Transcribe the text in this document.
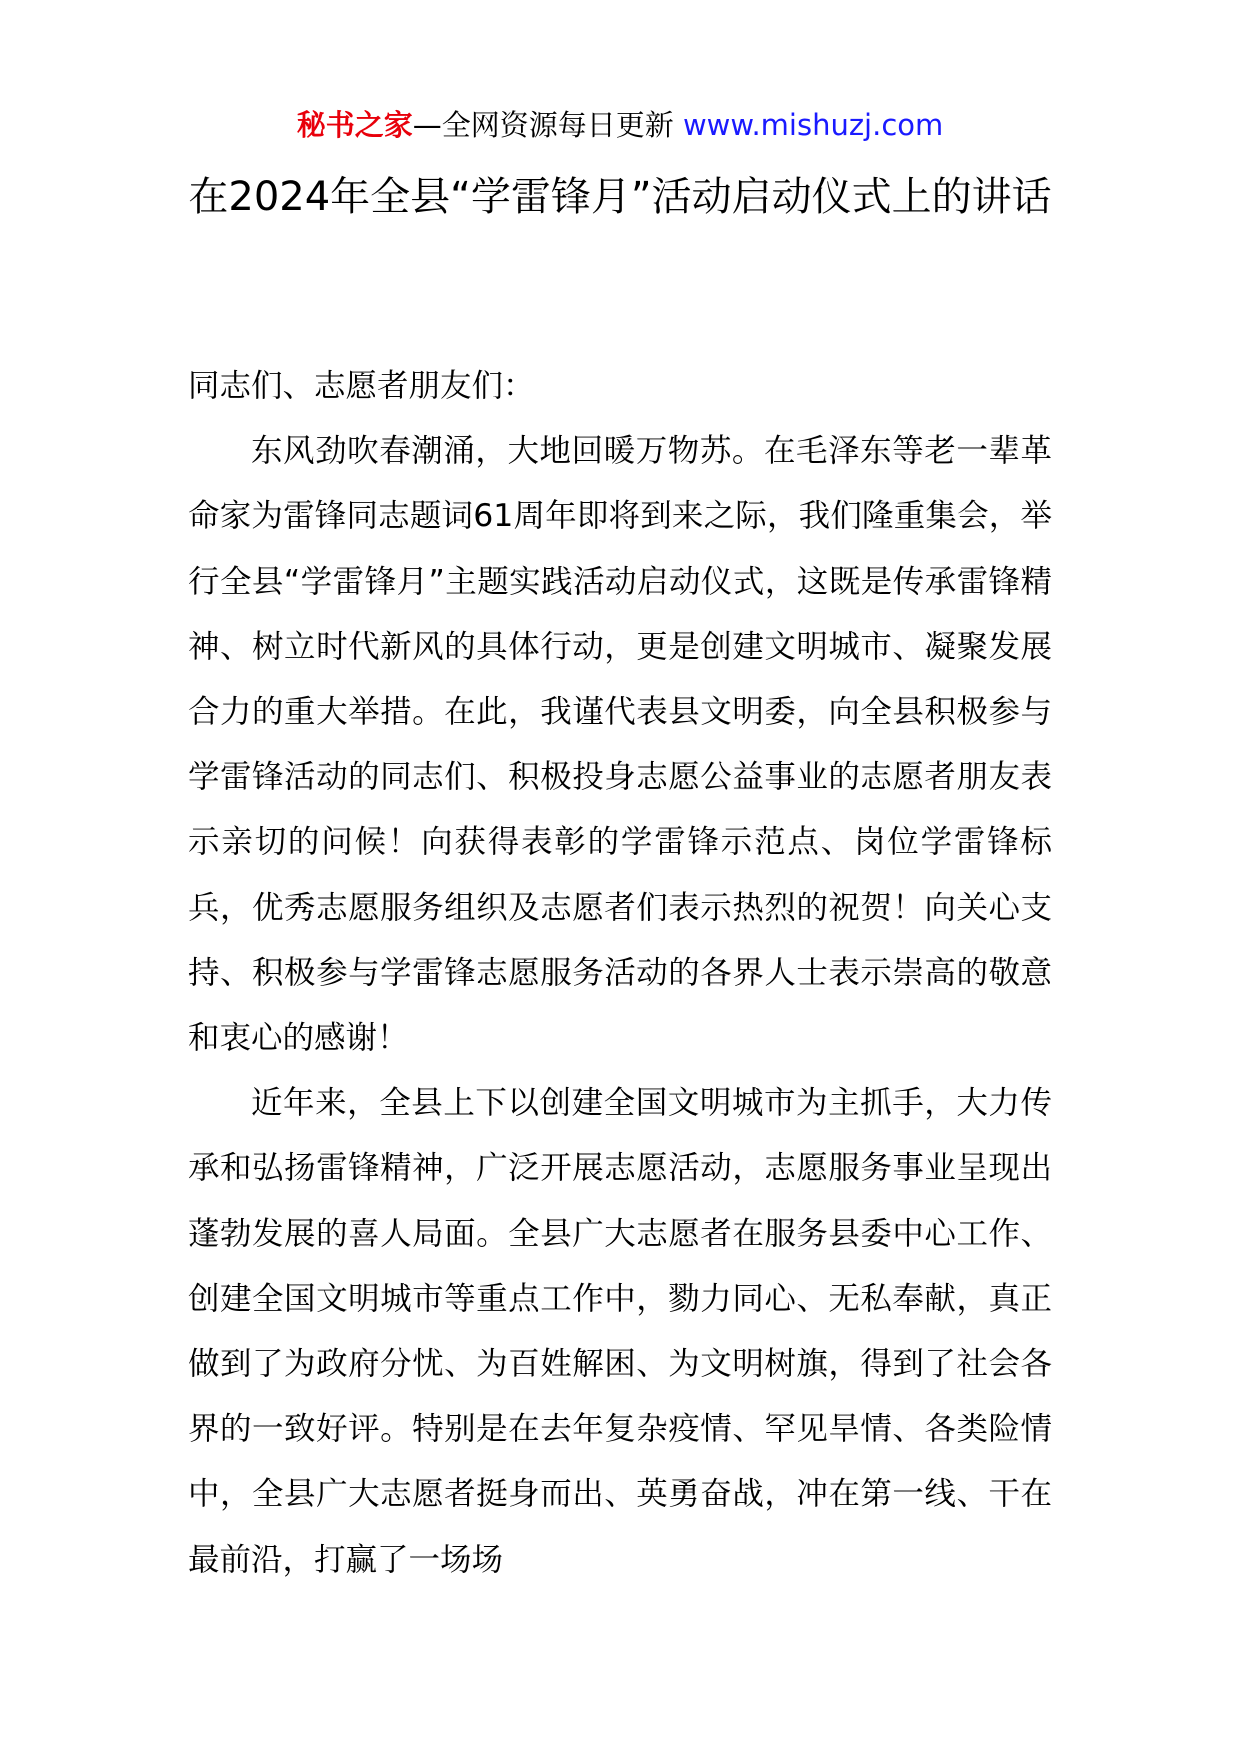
秘书之家—全网资源每日更新 www.mishuzj.com
在2024年全县“学雷锋月”活动启动仪式上的讲话

同志们、志愿者朋友们：

东风劲吹春潮涌，大地回暖万物苏。在毛泽东等老一辈革命家为雷锋同志题词61周年即将到来之际，我们隆重集会，举行全县“学雷锋月”主题实践活动启动仪式，这既是传承雷锋精神、树立时代新风的具体行动，更是创建文明城市、凝聚发展合力的重大举措。在此，我谨代表县文明委，向全县积极参与学雷锋活动的同志们、积极投身志愿公益事业的志愿者朋友表示亲切的问候！向获得表彰的学雷锋示范点、岗位学雷锋标兵，优秀志愿服务组织及志愿者们表示热烈的祝贺！向关心支持、积极参与学雷锋志愿服务活动的各界人士表示崇高的敬意和衷心的感谢！

近年来，全县上下以创建全国文明城市为主抓手，大力传承和弘扬雷锋精神，广泛开展志愿活动，志愿服务事业呈现出蓬勃发展的喜人局面。全县广大志愿者在服务县委中心工作、创建全国文明城市等重点工作中，勠力同心、无私奉献，真正做到了为政府分忧、为百姓解困、为文明树旗，得到了社会各界的一致好评。特别是在去年复杂疫情、罕见旱情、各类险情中，全县广大志愿者挺身而出、英勇奋战，冲在第一线、干在最前沿，打赢了一场场
